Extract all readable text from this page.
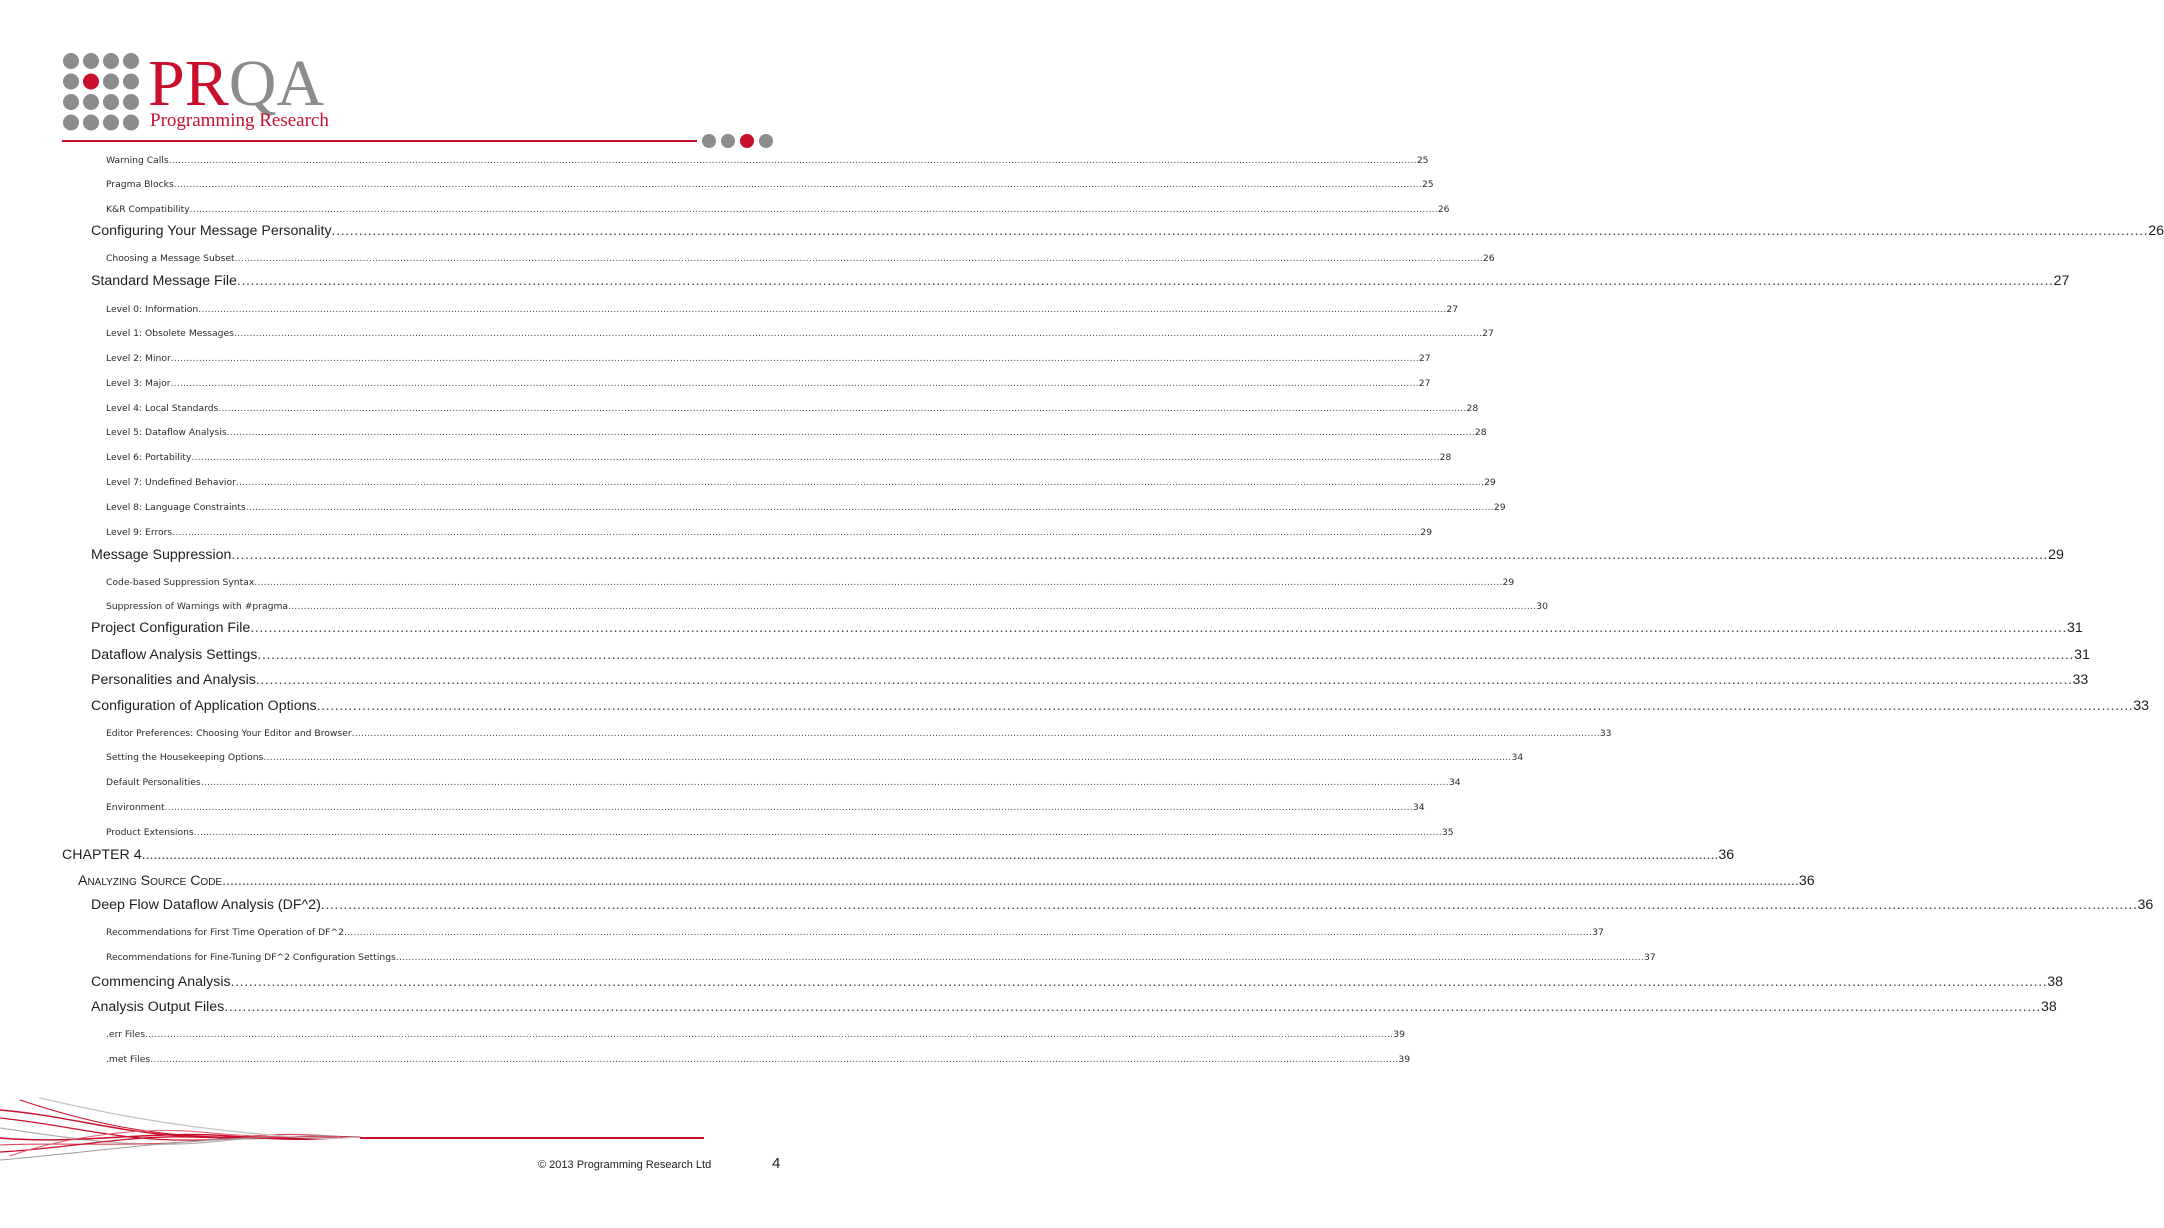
PRQA
Programming Research
Warning Calls ................................................................................................................................................................................................................................................................................................................................................................................................................ 25
Pragma Blocks ................................................................................................................................................................................................................................................................................................................................................................................................................ 25
K&R Compatibility ................................................................................................................................................................................................................................................................................................................................................................................................................ 26
Configuring Your Message Personality ................................................................................................................................................................................................................................................................................................................................................................................................................ 26
Choosing a Message Subset ................................................................................................................................................................................................................................................................................................................................................................................................................ 26
Standard Message File ................................................................................................................................................................................................................................................................................................................................................................................................................ 27
Level 0: Information ................................................................................................................................................................................................................................................................................................................................................................................................................ 27
Level 1: Obsolete Messages ................................................................................................................................................................................................................................................................................................................................................................................................................ 27
Level 2: Minor ................................................................................................................................................................................................................................................................................................................................................................................................................ 27
Level 3: Major ................................................................................................................................................................................................................................................................................................................................................................................................................ 27
Level 4: Local Standards ................................................................................................................................................................................................................................................................................................................................................................................................................ 28
Level 5: Dataflow Analysis ................................................................................................................................................................................................................................................................................................................................................................................................................ 28
Level 6: Portability ................................................................................................................................................................................................................................................................................................................................................................................................................ 28
Level 7: Undefined Behavior ................................................................................................................................................................................................................................................................................................................................................................................................................ 29
Level 8: Language Constraints ................................................................................................................................................................................................................................................................................................................................................................................................................ 29
Level 9: Errors ................................................................................................................................................................................................................................................................................................................................................................................................................ 29
Message Suppression ................................................................................................................................................................................................................................................................................................................................................................................................................ 29
Code-based Suppression Syntax ................................................................................................................................................................................................................................................................................................................................................................................................................ 29
Suppression of Warnings with #pragma ................................................................................................................................................................................................................................................................................................................................................................................................................ 30
Project Configuration File ................................................................................................................................................................................................................................................................................................................................................................................................................ 31
Dataflow Analysis Settings ................................................................................................................................................................................................................................................................................................................................................................................................................ 31
Personalities and Analysis ................................................................................................................................................................................................................................................................................................................................................................................................................ 33
Configuration of Application Options ................................................................................................................................................................................................................................................................................................................................................................................................................ 33
Editor Preferences: Choosing Your Editor and Browser ................................................................................................................................................................................................................................................................................................................................................................................................................ 33
Setting the Housekeeping Options ................................................................................................................................................................................................................................................................................................................................................................................................................ 34
Default Personalities ................................................................................................................................................................................................................................................................................................................................................................................................................ 34
Environment ................................................................................................................................................................................................................................................................................................................................................................................................................ 34
Product Extensions ................................................................................................................................................................................................................................................................................................................................................................................................................ 35
CHAPTER 4 ................................................................................................................................................................................................................................................................................................................................................................................................................ 36
Analyzing Source Code ................................................................................................................................................................................................................................................................................................................................................................................................................ 36
Deep Flow Dataflow Analysis (DF^2) ................................................................................................................................................................................................................................................................................................................................................................................................................ 36
Recommendations for First Time Operation of DF^2 ................................................................................................................................................................................................................................................................................................................................................................................................................ 37
Recommendations for Fine-Tuning DF^2 Configuration Settings ................................................................................................................................................................................................................................................................................................................................................................................................................ 37
Commencing Analysis ................................................................................................................................................................................................................................................................................................................................................................................................................ 38
Analysis Output Files ................................................................................................................................................................................................................................................................................................................................................................................................................ 38
.err Files ................................................................................................................................................................................................................................................................................................................................................................................................................ 39
.met Files ................................................................................................................................................................................................................................................................................................................................................................................................................ 39
© 2013 Programming Research Ltd	4
